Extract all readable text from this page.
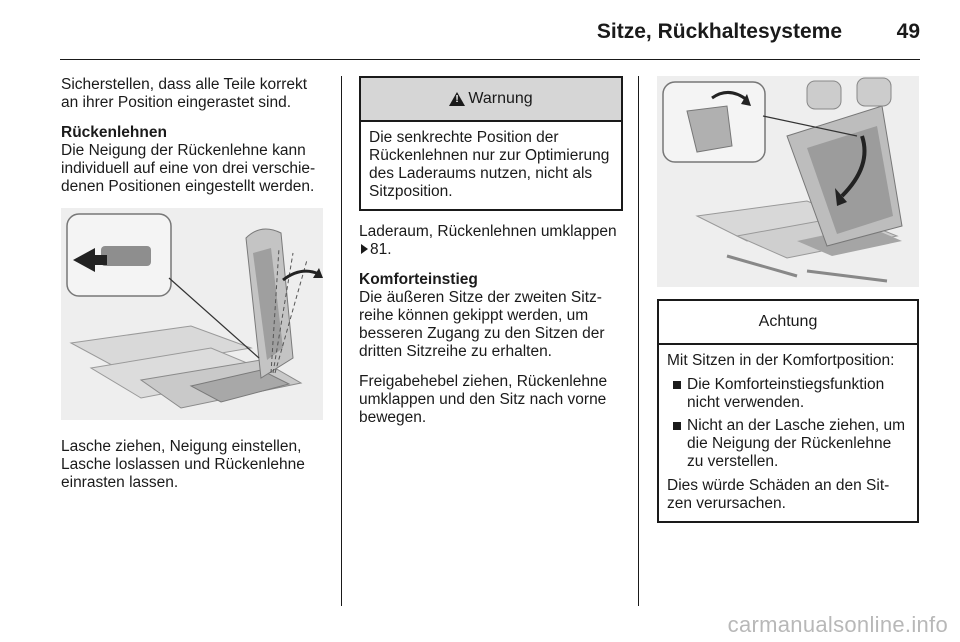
Sitze, Rückhaltesysteme	49

Sicherstellen, dass alle Teile korrekt an ihrer Position eingerastet sind.

Rückenlehnen
Die Neigung der Rückenlehne kann individuell auf eine von drei verschiedenen Positionen eingestellt werden.

Lasche ziehen, Neigung einstellen, Lasche loslassen und Rückenlehne einrasten lassen.

!
Warnung
Die senkrechte Position der Rückenlehnen nur zur Optimierung des Laderaums nutzen, nicht als Sitzposition.

Laderaum, Rückenlehnen umklappen 81.

Komforteinstieg
Die äußeren Sitze der zweiten Sitzreihe können gekippt werden, um besseren Zugang zu den Sitzen der dritten Sitzreihe zu erhalten.

Freigabehebel ziehen, Rückenlehne umklappen und den Sitz nach vorne bewegen.

Achtung
Mit Sitzen in der Komfortposition:
Die Komforteinstiegsfunktion nicht verwenden.
Nicht an der Lasche ziehen, um die Neigung der Rückenlehne zu verstellen.
Dies würde Schäden an den Sitzen verursachen.
carmanualsonline.info
